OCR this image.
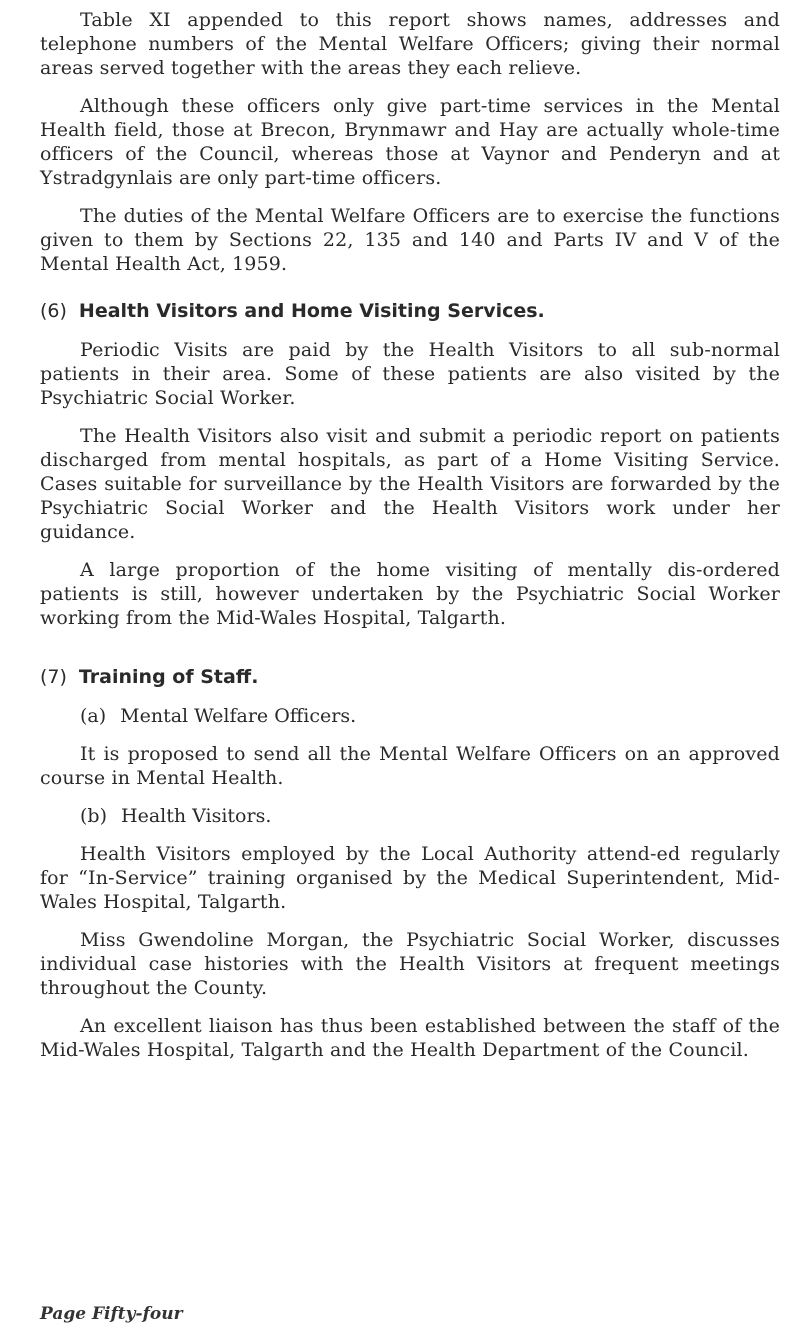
Table XI appended to this report shows names, addresses and telephone numbers of the Mental Welfare Officers; giving their normal areas served together with the areas they each relieve.

Although these officers only give part-time services in the Mental Health field, those at Brecon, Brynmawr and Hay are actually whole-time officers of the Council, whereas those at Vaynor and Penderyn and at Ystradgynlais are only part-time officers.

The duties of the Mental Welfare Officers are to exercise the functions given to them by Sections 22, 135 and 140 and Parts IV and V of the Mental Health Act, 1959.

(6) Health Visitors and Home Visiting Services.

Periodic Visits are paid by the Health Visitors to all sub-normal patients in their area. Some of these patients are also visited by the Psychiatric Social Worker.

The Health Visitors also visit and submit a periodic report on patients discharged from mental hospitals, as part of a Home Visiting Service. Cases suitable for surveillance by the Health Visitors are forwarded by the Psychiatric Social Worker and the Health Visitors work under her guidance.

A large proportion of the home visiting of mentally dis-ordered patients is still, however undertaken by the Psychiatric Social Worker working from the Mid-Wales Hospital, Talgarth.

(7) Training of Staff.
(a) Mental Welfare Officers.

It is proposed to send all the Mental Welfare Officers on an approved course in Mental Health.

(b) Health Visitors.

Health Visitors employed by the Local Authority attend-ed regularly for “In-Service” training organised by the Medical Superintendent, Mid-Wales Hospital, Talgarth.

Miss Gwendoline Morgan, the Psychiatric Social Worker, discusses individual case histories with the Health Visitors at frequent meetings throughout the County.

An excellent liaison has thus been established between the staff of the Mid-Wales Hospital, Talgarth and the Health Department of the Council.

Page Fifty-four
